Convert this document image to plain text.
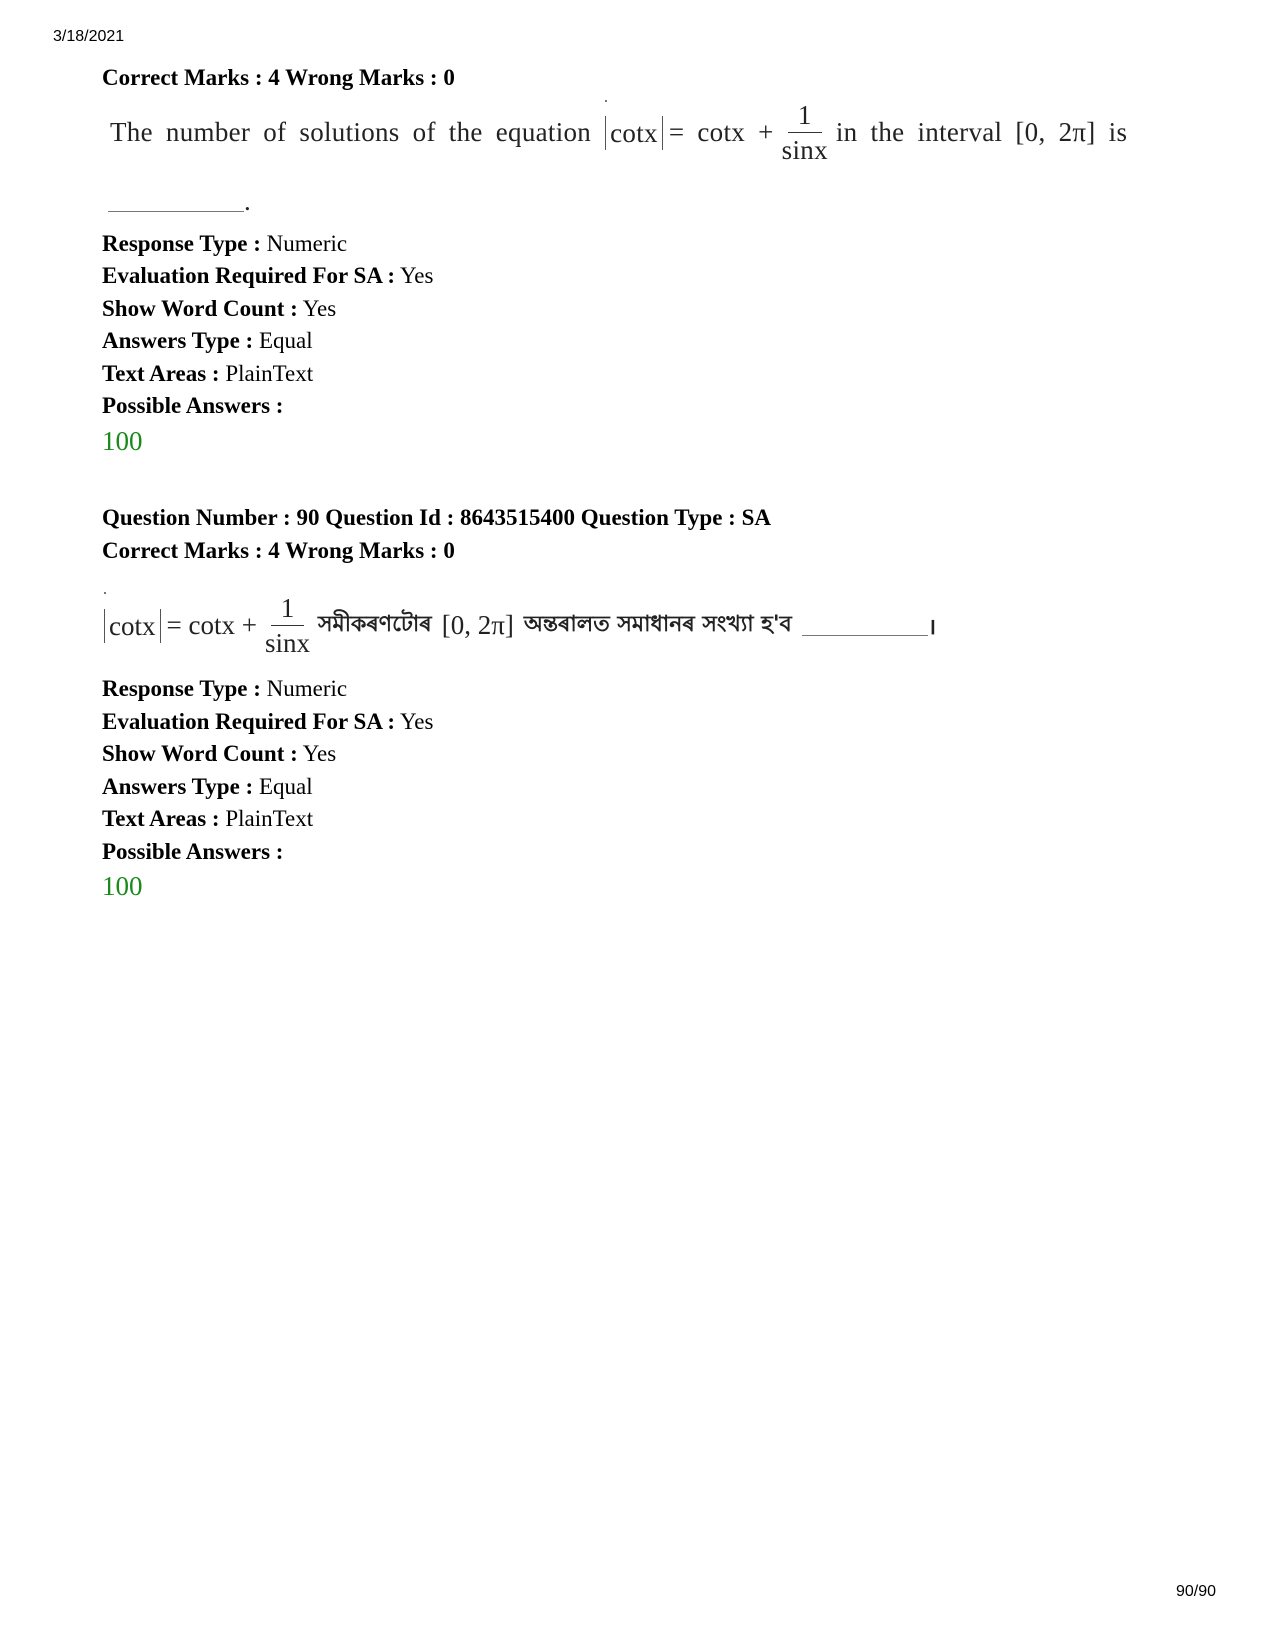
3/18/2021
Correct Marks : 4 Wrong Marks : 0
The number of solutions of the equation $\cot x = \cot x + \frac{1}{\sin x}$ in the interval [0, 2π] is
.
Response Type : Numeric
Evaluation Required For SA : Yes
Show Word Count : Yes
Answers Type : Equal
Text Areas : PlainText
Possible Answers :
100
Question Number : 90 Question Id : 8643515400 Question Type : SA
Correct Marks : 4 Wrong Marks : 0
$\cot x = \cot x + \frac{1}{\sin x}$ সমীকৰণটোৰ [0, 2π] অন্তৰালত সমাধানৰ সংখ্যা হ'ব	।
Response Type : Numeric
Evaluation Required For SA : Yes
Show Word Count : Yes
Answers Type : Equal
Text Areas : PlainText
Possible Answers :
100
90/90
